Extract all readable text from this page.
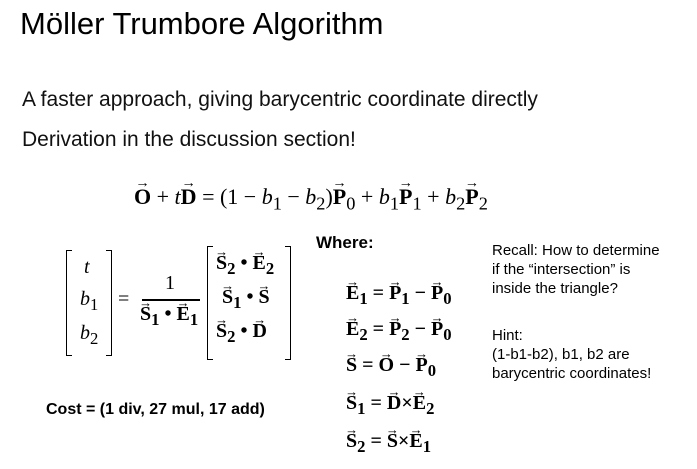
Möller Trumbore Algorithm
A faster approach, giving barycentric coordinate directly
Derivation in the discussion section!
→ $O + t\to D = (1 - b_1 - b_2)\to P_0 + b_1\to P_1 + b_2\to P_2$
t
$b_1$
$b_2$
=
1
→ $S_1$ • → $E_1$
→ $S_2$ • → $E_2$
→ $S_1$ • → S
→ $S_2$ • → D
Where:
→ $E_1$ = → $P_1$ − → $P_0$
→ $E_2$ = → $P_2$ − → $P_0$
→ S = → O − → $P_0$
→ $S_1$ = → $D\times\to E_2$
→ $S_2$ = → $S\times\to E_1$
Recall: How to determine
if the “intersection” is
inside the triangle?
Hint:
(1-b1-b2), b1, b2 are
barycentric coordinates!
Cost = (1 div, 27 mul, 17 add)
